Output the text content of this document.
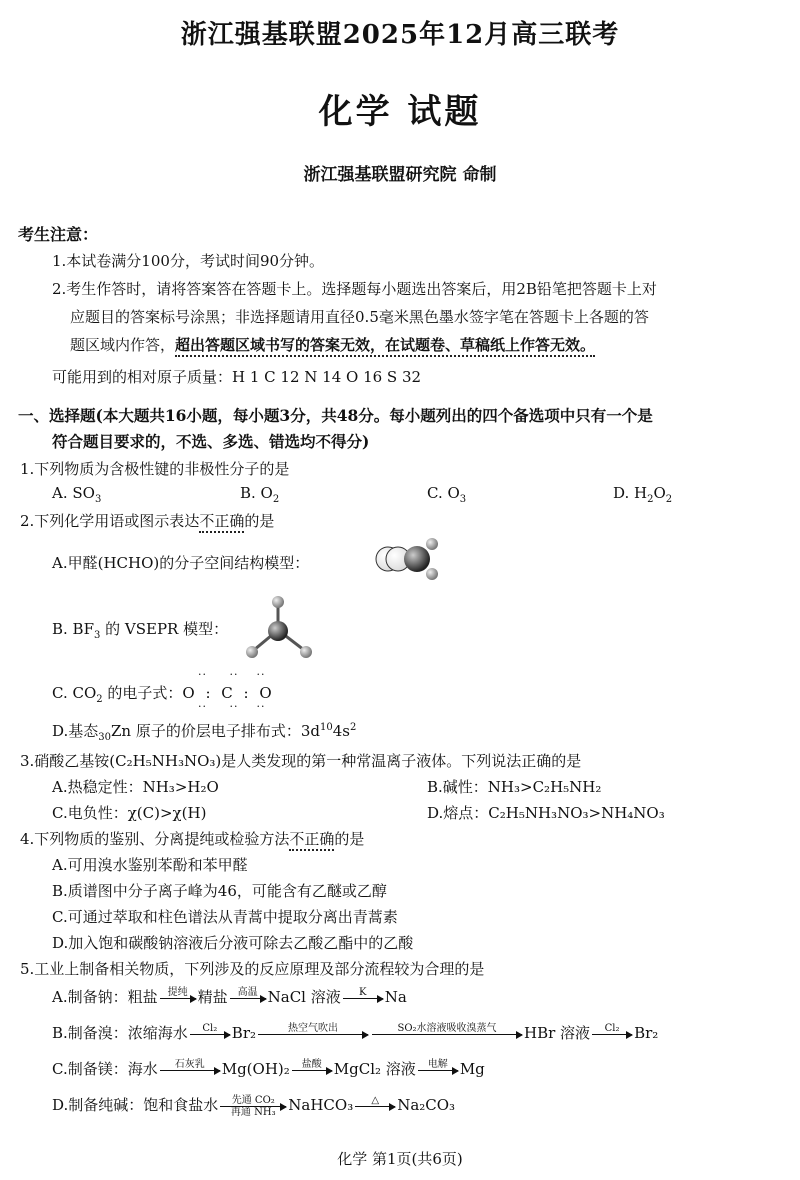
浙江强基联盟2025年12月高三联考
化学 试题
浙江强基联盟研究院 命制
考生注意：
1.本试卷满分100分，考试时间90分钟。
2.考生作答时，请将答案答在答题卡上。选择题每小题选出答案后，用2B铅笔把答题卡上对
应题目的答案标号涂黑；非选择题请用直径0.5毫米黑色墨水签字笔在答题卡上各题的答
题区域内作答，超出答题区域书写的答案无效，在试题卷、草稿纸上作答无效。
可能用到的相对原子质量：H 1 C 12 N 14 O 16 S 32
一、选择题(本大题共16小题，每小题3分，共48分。每小题列出的四个备选项中只有一个是
符合题目要求的，不选、多选、错选均不得分)
1.下列物质为含极性键的非极性分子的是
A. $SO_3$	B. $O_2$	C. $O_3$	D. $H_2O_2$
2.下列化学用语或图示表达不正确的是
A.甲醛(HCHO)的分子空间结构模型：
B. $BF_3$ 的 VSEPR 模型：
C. $CO_2$ 的电子式：O : C : O
··     ··    ··
··     ··    ··
D.基态$_{30}$Zn 原子的价层电子排布式：$3d^{10}4s^2$
3.硝酸乙基铵(C₂H₅NH₃NO₃)是人类发现的第一种常温离子液体。下列说法正确的是
A.热稳定性：NH₃>H₂O	B.碱性：NH₃>C₂H₅NH₂
C.电负性：χ(C)>χ(H)	D.熔点：C₂H₅NH₃NO₃>NH₄NO₃
4.下列物质的鉴别、分离提纯或检验方法不正确的是
A.可用溴水鉴别苯酚和苯甲醛
B.质谱图中分子离子峰为46，可能含有乙醚或乙醇
C.可通过萃取和柱色谱法从青蒿中提取分离出青蒿素
D.加入饱和碳酸钠溶液后分液可除去乙酸乙酯中的乙酸
5.工业上制备相关物质，下列涉及的反应原理及部分流程较为合理的是
A.制备钠：粗盐	提纯
精盐	高温
NaCl 溶液	K
	Na
B.制备溴：浓缩海水	Cl₂
Br₂	热空气吹出
	SO₂水溶液吸收溴蒸气
	HBr 溶液	Cl₂
Br₂
C.制备镁：海水	石灰乳
	Mg(OH)₂	盐酸
MgCl₂ 溶液	电解
Mg
D.制备纯碱：饱和食盐水	先通 CO₂
再通 NH₃ NaHCO₃	△
	Na₂CO₃
化学 第1页(共6页)
